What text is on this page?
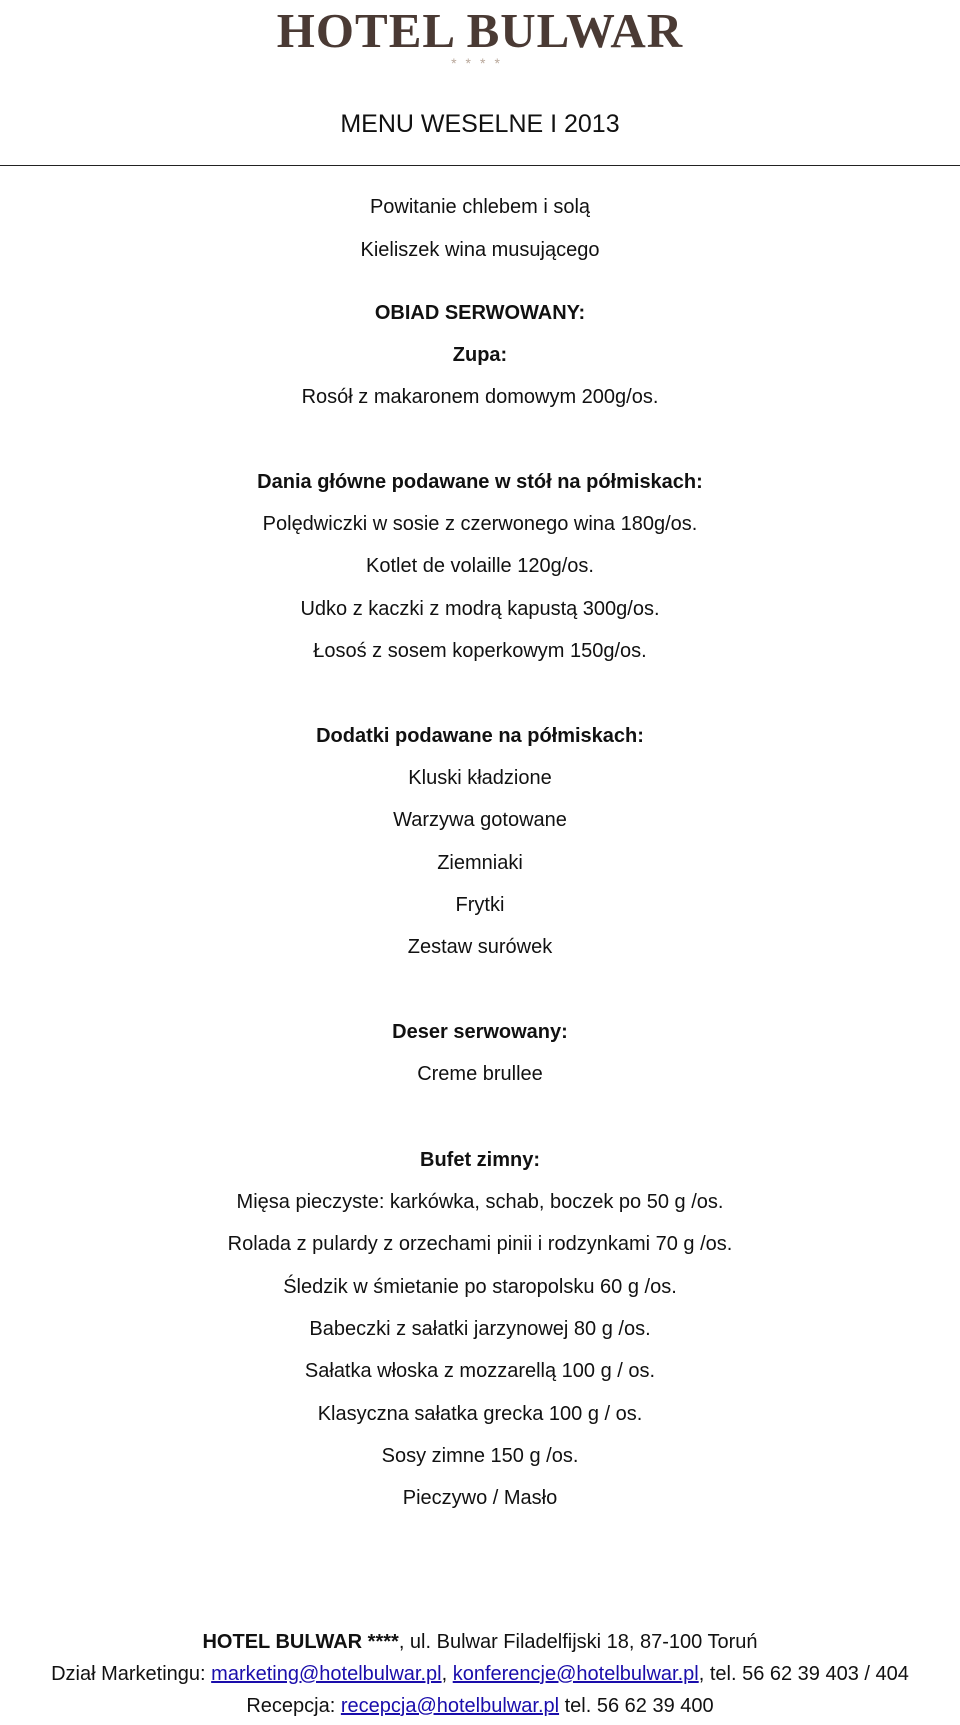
HOTEL BULWAR
****
MENU WESELNE I 2013
Powitanie chlebem i solą
Kieliszek wina musującego
OBIAD SERWOWANY:
Zupa:
Rosół z makaronem domowym 200g/os.
Dania główne podawane w stół na półmiskach:
Polędwiczki w sosie z czerwonego wina 180g/os.
Kotlet de volaille 120g/os.
Udko z kaczki z modrą kapustą 300g/os.
Łosoś z sosem koperkowym 150g/os.
Dodatki podawane na półmiskach:
Kluski kładzione
Warzywa gotowane
Ziemniaki
Frytki
Zestaw surówek
Deser serwowany:
Creme brullee
Bufet zimny:
Mięsa pieczyste: karkówka, schab, boczek po 50 g /os.
Rolada z pulardy z orzechami pinii i rodzynkami 70 g /os.
Śledzik w śmietanie po staropolsku 60 g /os.
Babeczki z sałatki jarzynowej 80 g /os.
Sałatka włoska z mozzarellą 100 g / os.
Klasyczna sałatka grecka 100 g / os.
Sosy zimne 150 g /os.
Pieczywo / Masło
HOTEL BULWAR ****, ul. Bulwar Filadelfijski 18, 87-100 Toruń
Dział Marketingu: marketing@hotelbulwar.pl, konferencje@hotelbulwar.pl, tel. 56 62 39 403 / 404
Recepcja: recepcja@hotelbulwar.pl tel. 56 62 39 400
